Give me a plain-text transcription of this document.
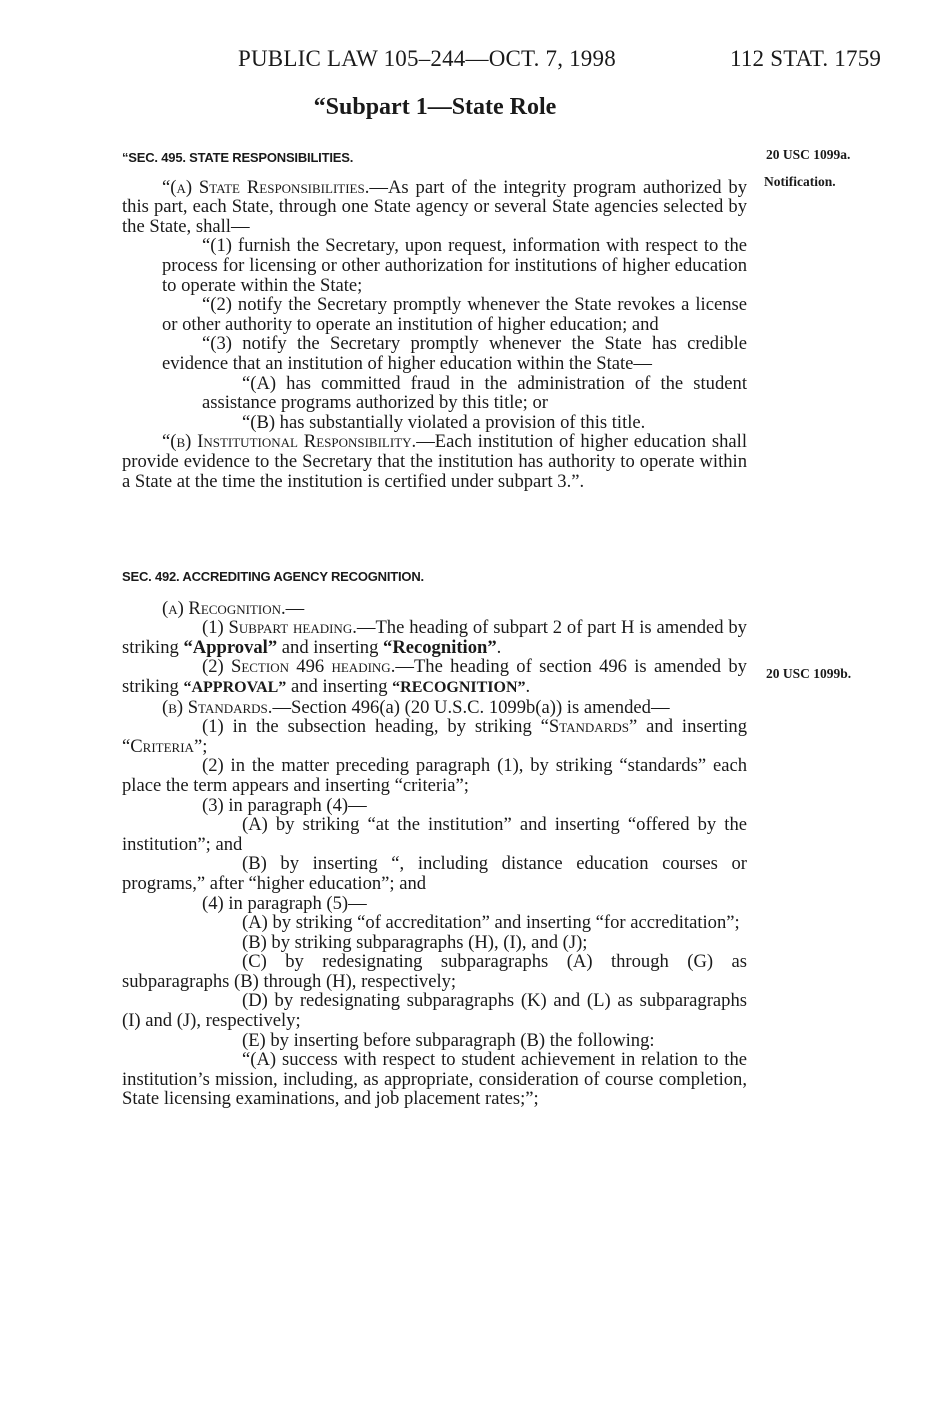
PUBLIC LAW 105–244—OCT. 7, 1998	112 STAT. 1759
“Subpart 1—State Role
20 USC 1099a.
Notification.
20 USC 1099b.

“SEC. 495. STATE RESPONSIBILITIES.

“(a) State Responsibilities.—As part of the integrity program authorized by this part, each State, through one State agency or several State agencies selected by the State, shall—

“(1) furnish the Secretary, upon request, information with respect to the process for licensing or other authorization for institutions of higher education to operate within the State;

“(2) notify the Secretary promptly whenever the State revokes a license or other authority to operate an institution of higher education; and

“(3) notify the Secretary promptly whenever the State has credible evidence that an institution of higher education within the State—

“(A) has committed fraud in the administration of the student assistance programs authorized by this title; or

“(B) has substantially violated a provision of this title.

“(b) Institutional Responsibility.—Each institution of higher education shall provide evidence to the Secretary that the institution has authority to operate within a State at the time the institution is certified under subpart 3.”.

SEC. 492. ACCREDITING AGENCY RECOGNITION.

(a) Recognition.—

(1) Subpart heading.—The heading of subpart 2 of part H is amended by striking “Approval” and inserting “Recognition”.

(2) Section 496 heading.—The heading of section 496 is amended by striking “APPROVAL” and inserting “RECOGNITION”.

(b) Standards.—Section 496(a) (20 U.S.C. 1099b(a)) is amended—

(1) in the subsection heading, by striking “Standards” and inserting “Criteria”;

(2) in the matter preceding paragraph (1), by striking “standards” each place the term appears and inserting “criteria”;

(3) in paragraph (4)—

(A) by striking “at the institution” and inserting “offered by the institution”; and

(B) by inserting “, including distance education courses or programs,” after “higher education”; and

(4) in paragraph (5)—

(A) by striking “of accreditation” and inserting “for accreditation”;

(B) by striking subparagraphs (H), (I), and (J);

(C) by redesignating subparagraphs (A) through (G) as subparagraphs (B) through (H), respectively;

(D) by redesignating subparagraphs (K) and (L) as subparagraphs (I) and (J), respectively;

(E) by inserting before subparagraph (B) the following:

“(A) success with respect to student achievement in relation to the institution’s mission, including, as appropriate, consideration of course completion, State licensing examinations, and job placement rates;”;
